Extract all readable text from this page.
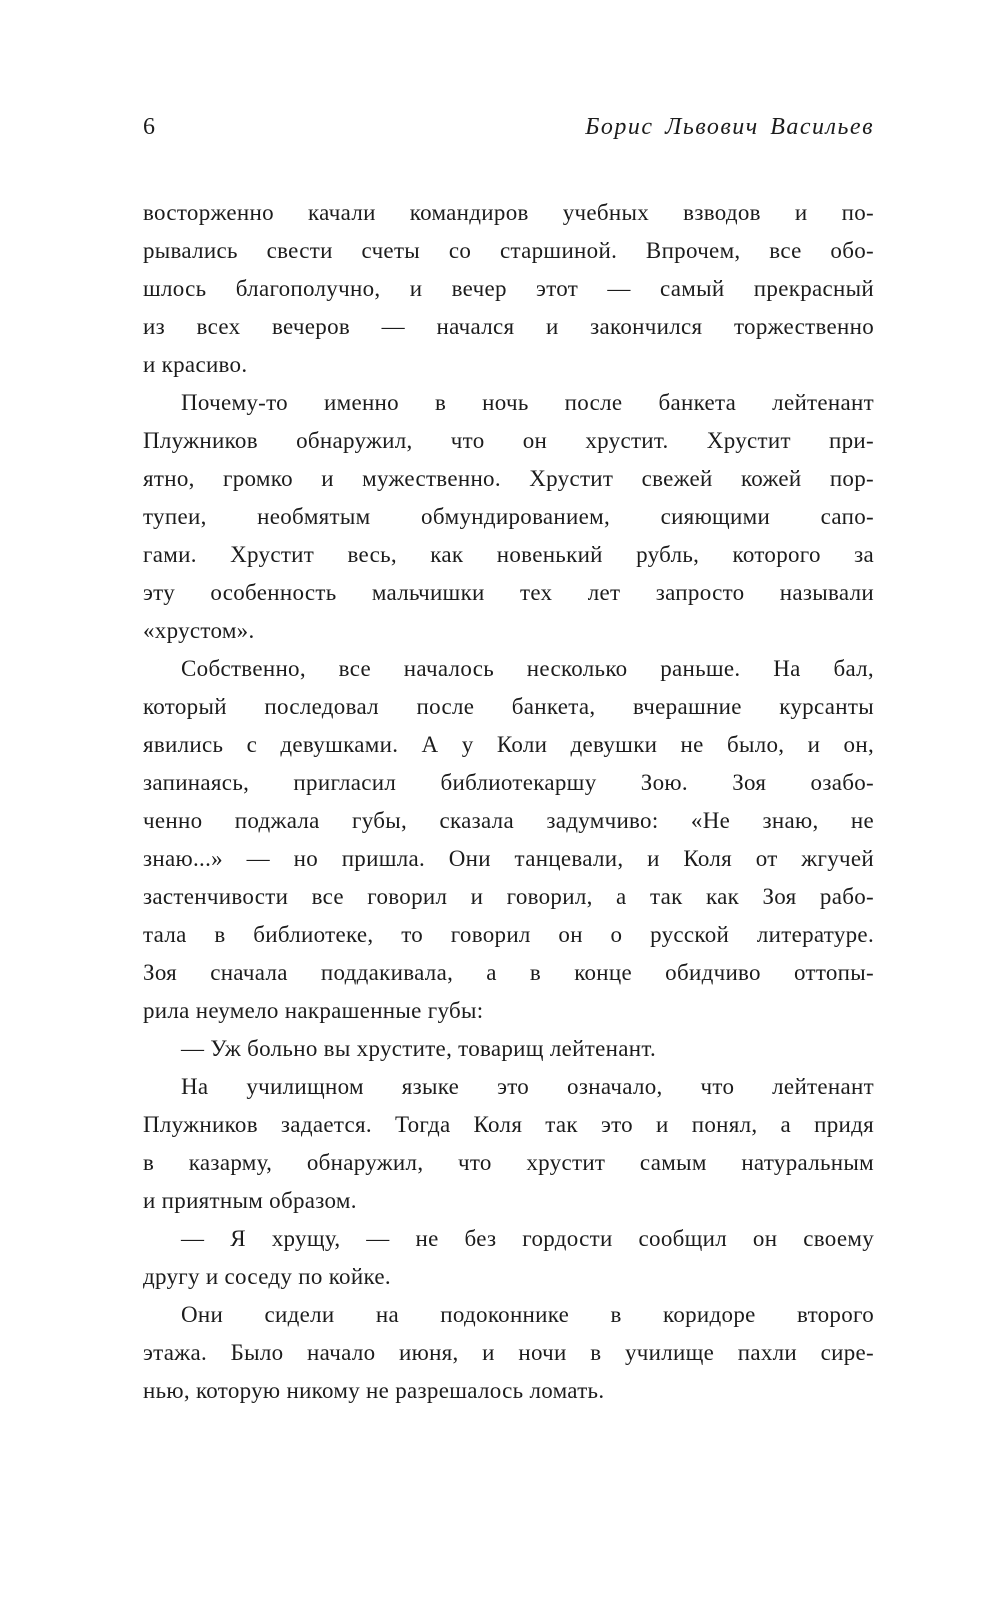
6	Борис Львович Васильев
восторженно качали командиров учебных взводов и по-
рывались свести счеты со старшиной. Впрочем, все обо-
шлось благополучно, и вечер этот — самый прекрасный
из всех вечеров — начался и закончился торжественно
и красиво.
Почему-то именно в ночь после банкета лейтенант
Плужников обнаружил, что он хрустит. Хрустит при-
ятно, громко и мужественно. Хрустит свежей кожей пор-
тупеи, необмятым обмундированием, сияющими сапо-
гами. Хрустит весь, как новенький рубль, которого за
эту особенность мальчишки тех лет запросто называли
«хрустом».
Собственно, все началось несколько раньше. На бал,
который последовал после банкета, вчерашние курсанты
явились с девушками. А у Коли девушки не было, и он,
запинаясь, пригласил библиотекаршу Зою. Зоя озабо-
ченно поджала губы, сказала задумчиво: «Не знаю, не
знаю...» — но пришла. Они танцевали, и Коля от жгучей
застенчивости все говорил и говорил, а так как Зоя рабо-
тала в библиотеке, то говорил он о русской литературе.
Зоя сначала поддакивала, а в конце обидчиво оттопы-
рила неумело накрашенные губы:
— Уж больно вы хрустите, товарищ лейтенант.
На училищном языке это означало, что лейтенант
Плужников задается. Тогда Коля так это и понял, а придя
в казарму, обнаружил, что хрустит самым натуральным
и приятным образом.
— Я хрущу, — не без гордости сообщил он своему
другу и соседу по койке.
Они сидели на подоконнике в коридоре второго
этажа. Было начало июня, и ночи в училище пахли сире-
нью, которую никому не разрешалось ломать.
